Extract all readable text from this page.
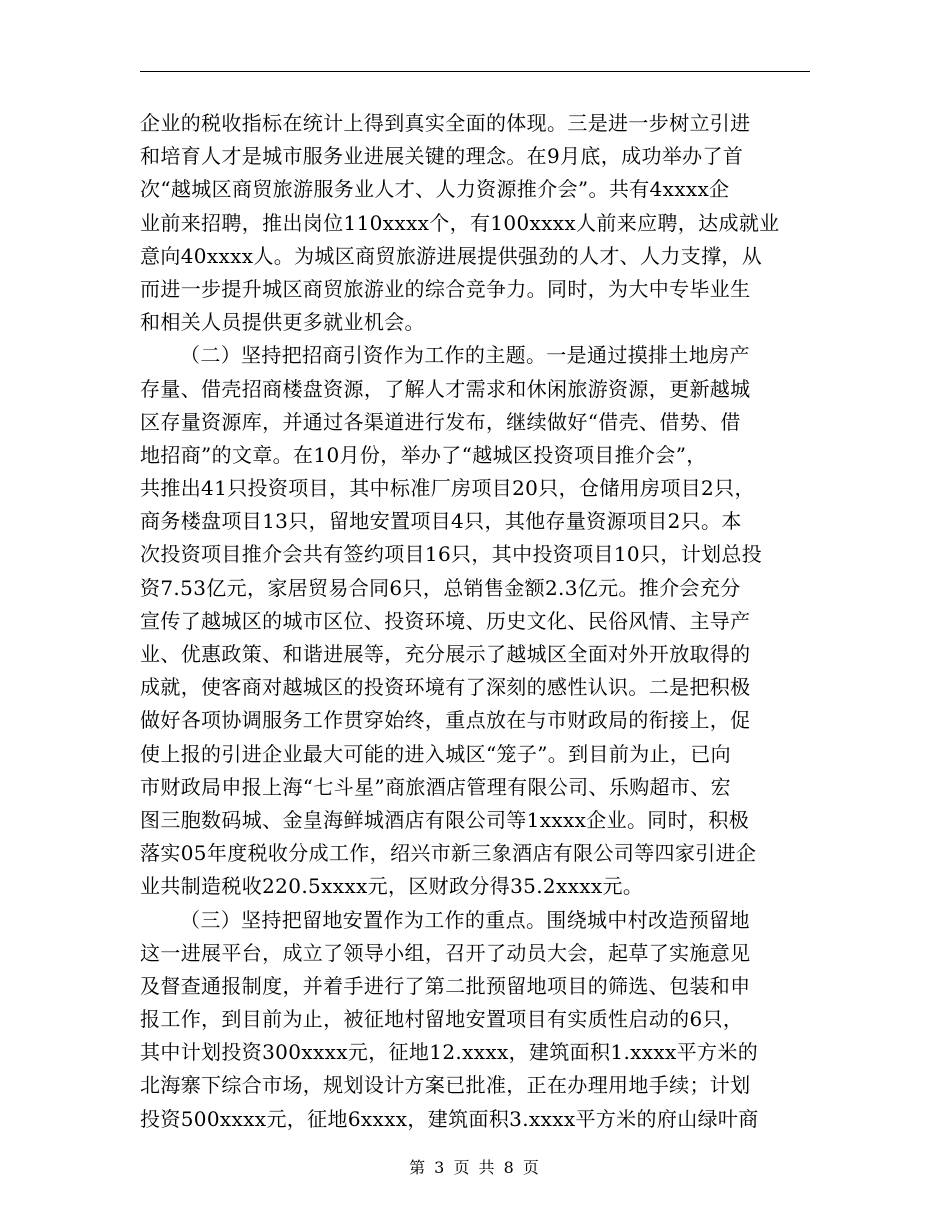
企业的税收指标在统计上得到真实全面的体现。三是进一步树立引进
和培育人才是城市服务业进展关键的理念。在9月底，成功举办了首
次“越城区商贸旅游服务业人才、人力资源推介会”。共有4xxxx企
业前来招聘，推出岗位110xxxx个，有100xxxx人前来应聘，达成就业
意向40xxxx人。为城区商贸旅游进展提供强劲的人才、人力支撑，从
而进一步提升城区商贸旅游业的综合竞争力。同时，为大中专毕业生
和相关人员提供更多就业机会。
（二）坚持把招商引资作为工作的主题。一是通过摸排土地房产
存量、借壳招商楼盘资源，了解人才需求和休闲旅游资源，更新越城
区存量资源库，并通过各渠道进行发布，继续做好“借壳、借势、借
地招商”的文章。在10月份，举办了“越城区投资项目推介会”，
共推出41只投资项目，其中标准厂房项目20只，仓储用房项目2只，
商务楼盘项目13只，留地安置项目4只，其他存量资源项目2只。本
次投资项目推介会共有签约项目16只，其中投资项目10只，计划总投
资7.53亿元，家居贸易合同6只，总销售金额2.3亿元。推介会充分
宣传了越城区的城市区位、投资环境、历史文化、民俗风情、主导产
业、优惠政策、和谐进展等，充分展示了越城区全面对外开放取得的
成就，使客商对越城区的投资环境有了深刻的感性认识。二是把积极
做好各项协调服务工作贯穿始终，重点放在与市财政局的衔接上，促
使上报的引进企业最大可能的进入城区“笼子”。到目前为止，已向
市财政局申报上海“七斗星”商旅酒店管理有限公司、乐购超市、宏
图三胞数码城、金皇海鲜城酒店有限公司等1xxxx企业。同时，积极
落实05年度税收分成工作，绍兴市新三象酒店有限公司等四家引进企
业共制造税收220.5xxxx元，区财政分得35.2xxxx元。
（三）坚持把留地安置作为工作的重点。围绕城中村改造预留地
这一进展平台，成立了领导小组，召开了动员大会，起草了实施意见
及督查通报制度，并着手进行了第二批预留地项目的筛选、包装和申
报工作，到目前为止，被征地村留地安置项目有实质性启动的6只，
其中计划投资300xxxx元，征地12.xxxx，建筑面积1.xxxx平方米的
北海寨下综合市场，规划设计方案已批准，正在办理用地手续；计划
投资500xxxx元，征地6xxxx，建筑面积3.xxxx平方米的府山绿叶商
第 3 页 共 8 页
